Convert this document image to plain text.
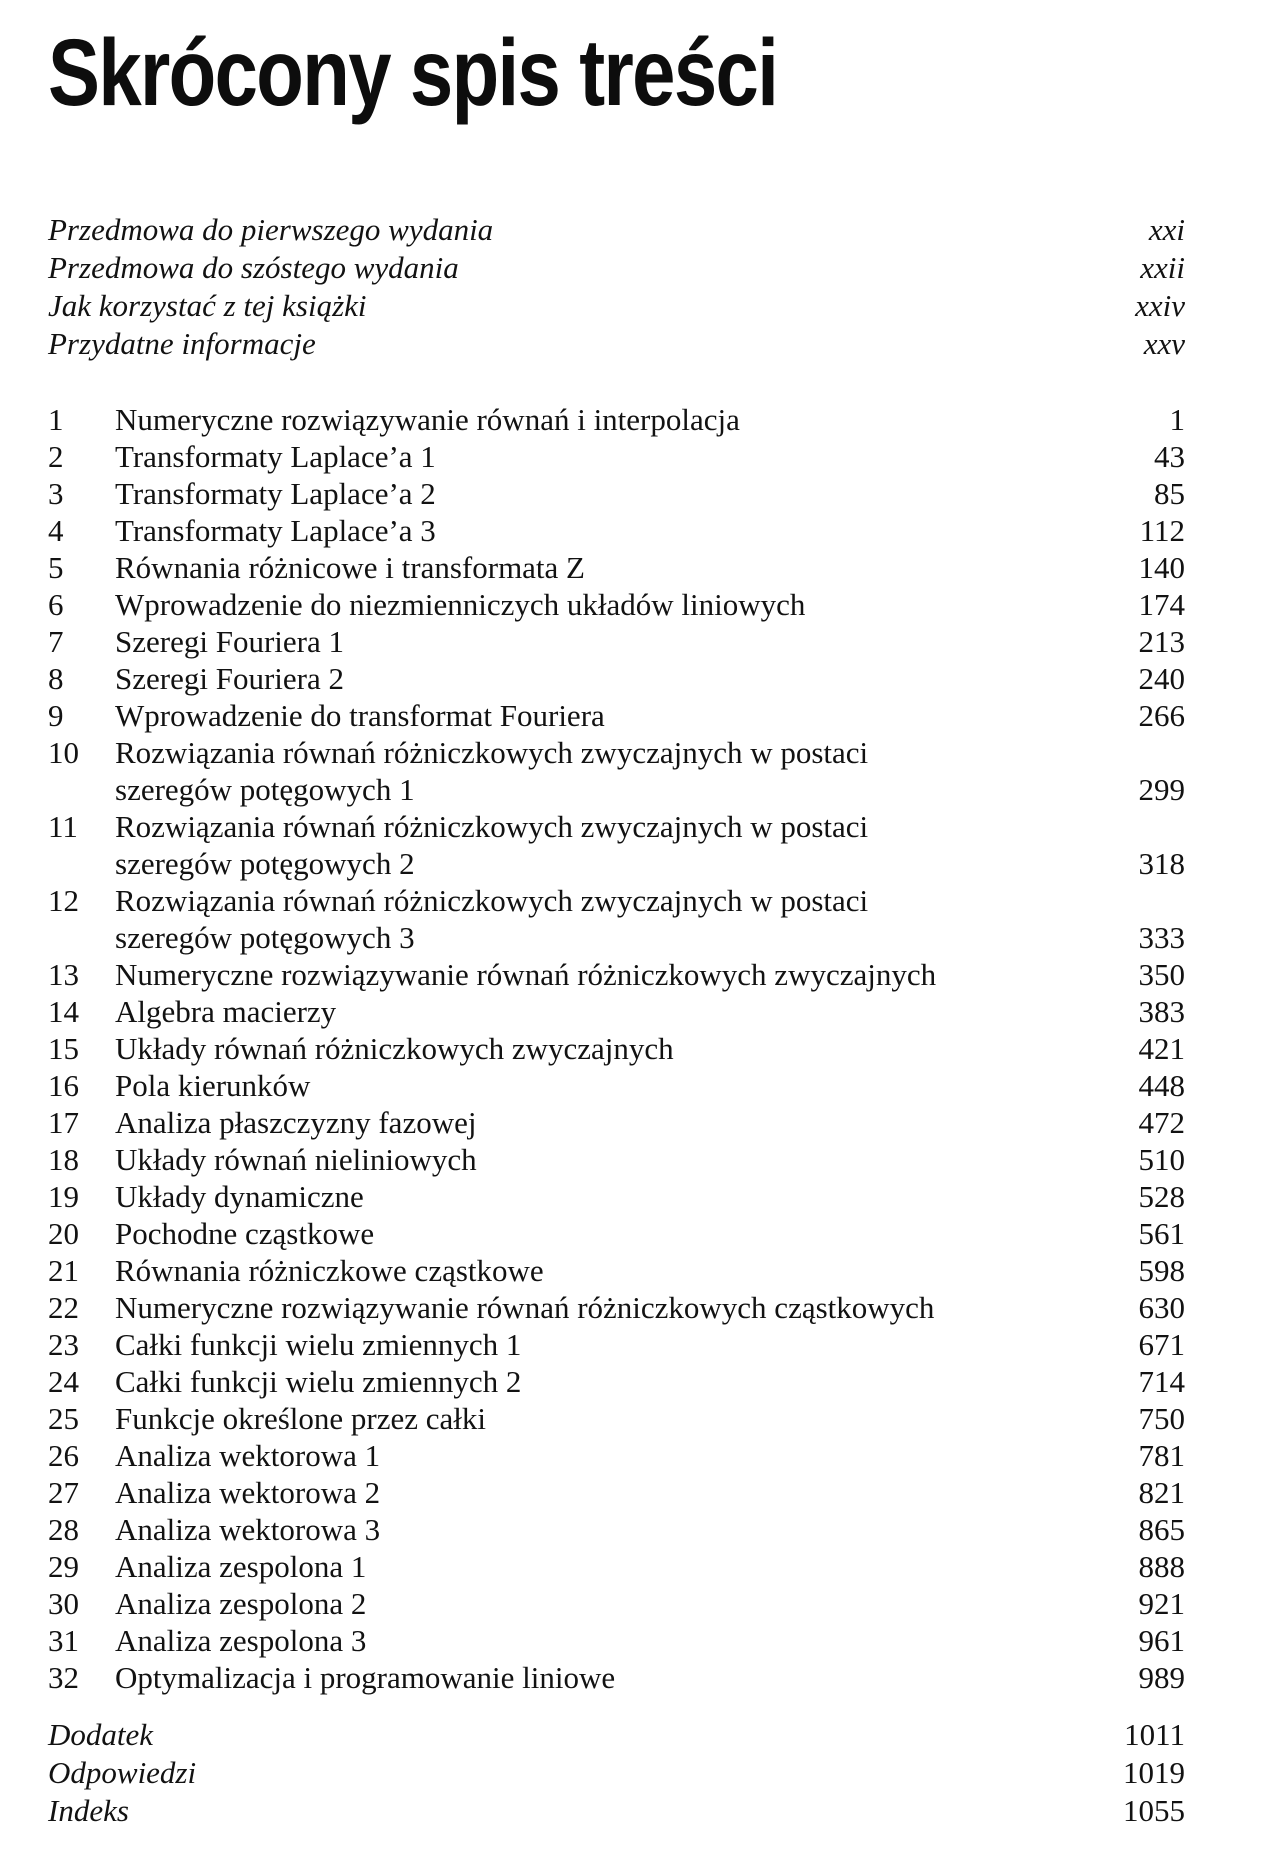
Skrócony spis treści
Przedmowa do pierwszego wydania	xxi
Przedmowa do szóstego wydania	xxii
Jak korzystać z tej książki	xxiv
Przydatne informacje	xxv
1	Numeryczne rozwiązywanie równań i interpolacja	1
2	Transformaty Laplace’a 1	43
3	Transformaty Laplace’a 2	85
4	Transformaty Laplace’a 3	112
5	Równania różnicowe i transformata Z	140
6	Wprowadzenie do niezmienniczych układów liniowych	174
7	Szeregi Fouriera 1	213
8	Szeregi Fouriera 2	240
9	Wprowadzenie do transformat Fouriera	266
10	Rozwiązania równań różniczkowych zwyczajnych w postaci
szeregów potęgowych 1	299
11	Rozwiązania równań różniczkowych zwyczajnych w postaci
szeregów potęgowych 2	318
12	Rozwiązania równań różniczkowych zwyczajnych w postaci
szeregów potęgowych 3	333
13	Numeryczne rozwiązywanie równań różniczkowych zwyczajnych	350
14	Algebra macierzy	383
15	Układy równań różniczkowych zwyczajnych	421
16	Pola kierunków	448
17	Analiza płaszczyzny fazowej	472
18	Układy równań nieliniowych	510
19	Układy dynamiczne	528
20	Pochodne cząstkowe	561
21	Równania różniczkowe cząstkowe	598
22	Numeryczne rozwiązywanie równań różniczkowych cząstkowych	630
23	Całki funkcji wielu zmiennych 1	671
24	Całki funkcji wielu zmiennych 2	714
25	Funkcje określone przez całki	750
26	Analiza wektorowa 1	781
27	Analiza wektorowa 2	821
28	Analiza wektorowa 3	865
29	Analiza zespolona 1	888
30	Analiza zespolona 2	921
31	Analiza zespolona 3	961
32	Optymalizacja i programowanie liniowe	989
Dodatek	1011
Odpowiedzi	1019
Indeks	1055
